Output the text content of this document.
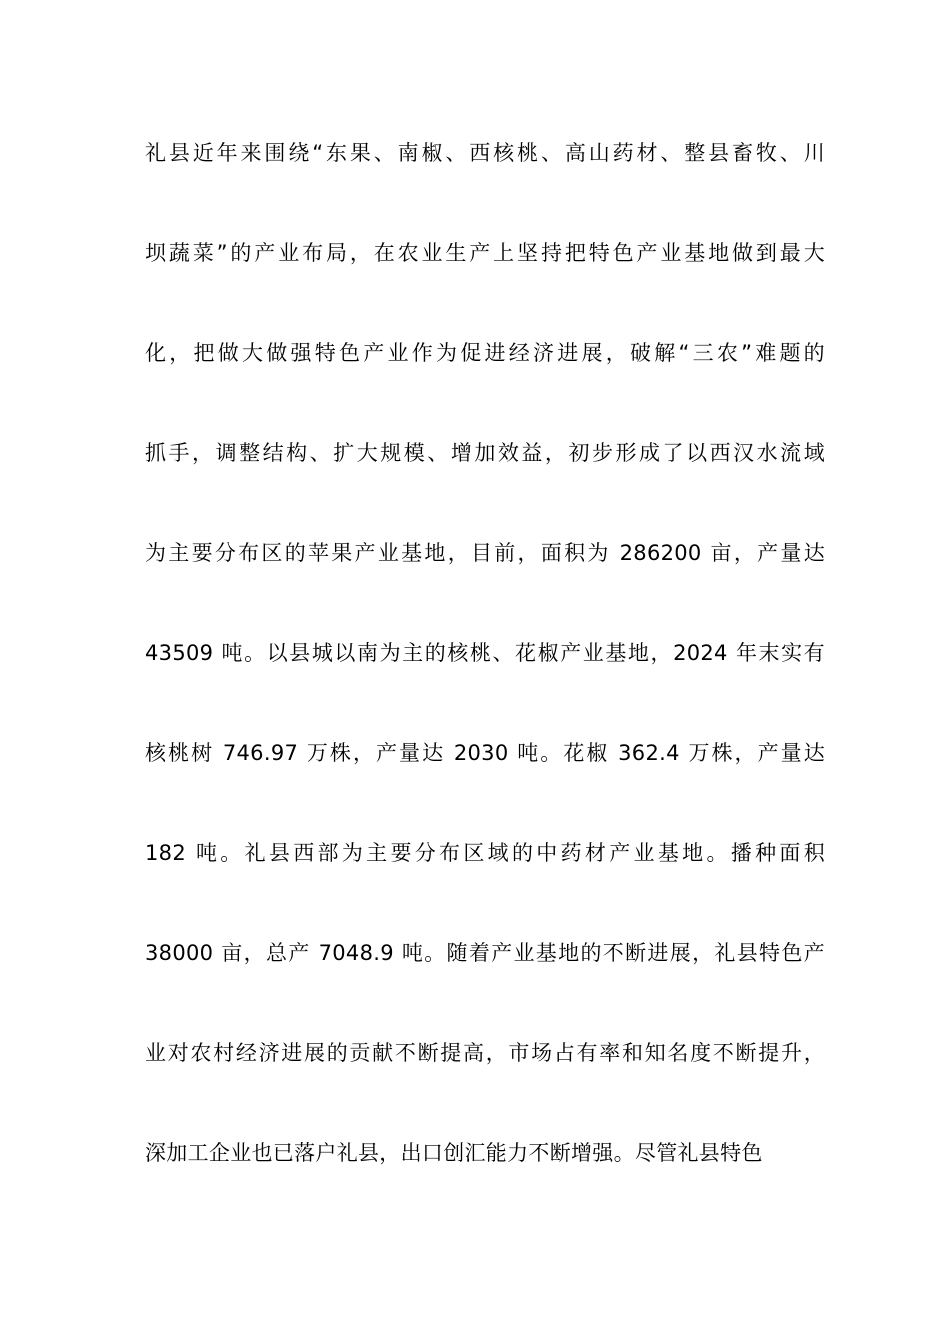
礼县近年来围绕“东果、南椒、西核桃、高山药材、整县畜牧、川
坝蔬菜”的产业布局，在农业生产上坚持把特色产业基地做到最大
化，把做大做强特色产业作为促进经济进展，破解“三农”难题的
抓手，调整结构、扩大规模、增加效益，初步形成了以西汉水流域
为主要分布区的苹果产业基地，目前，面积为 286200 亩，产量达
43509 吨。以县城以南为主的核桃、花椒产业基地，2024 年末实有
核桃树 746.97 万株，产量达 2030 吨。花椒 362.4 万株，产量达
182 吨。礼县西部为主要分布区域的中药材产业基地。播种面积
38000 亩，总产 7048.9 吨。随着产业基地的不断进展，礼县特色产
业对农村经济进展的贡献不断提高，市场占有率和知名度不断提升，
深加工企业也已落户礼县，出口创汇能力不断增强。尽管礼县特色
